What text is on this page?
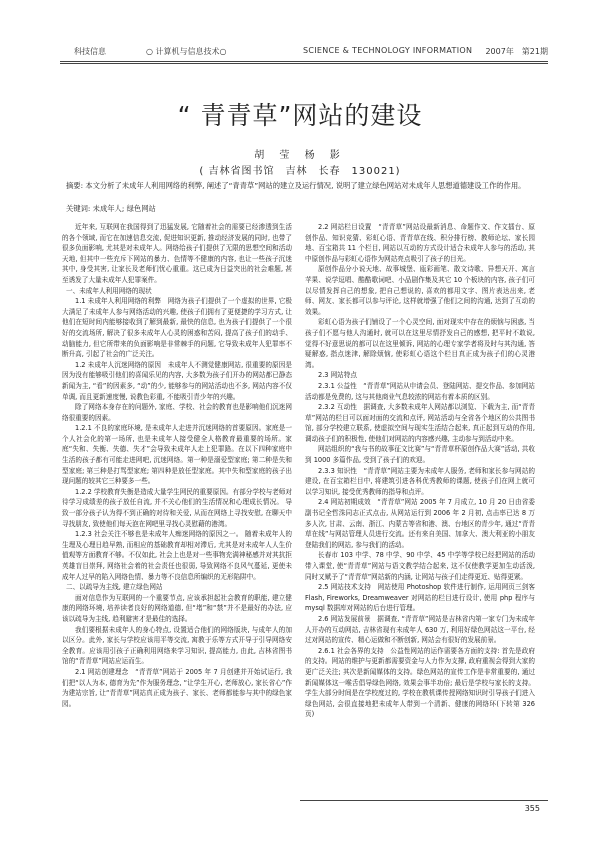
科技信息	○ 计算机与信息技术○	SCIENCE & TECHNOLOGY INFORMATION 2007年　第21期
“ 青青草”网站的建设
胡 莹 杨 影
( 吉林省图书馆　吉林　长春　130021)
摘要: 本文分析了未成年人利用网络的利弊, 阐述了“青青草”网站的建立及运行情况, 说明了建立绿色网站对未成年人思想道德建设工作的作用。
关键词: 未成年人; 绿色网站

近年来, 互联网在我国得到了迅猛发展, 它随着社会的需要已经渗透到生活的各个领域, 而它在加速信息交流, 促进知识更新, 推动经济发展的同时, 也带了很多负面影响, 尤其是对未成年人。网络给孩子们提供了无限的思想空间和活动天地, 但其中一些充斥下网站的暴力、色情等不健康的内容, 也让一些孩子沉迷其中, 身受其害, 让家长及老师们忧心重重。这已成为日益突出的社会难题, 甚至诱发了大量未成年人犯罪案件。

一、未成年人利用网络的现状

1.1 未成年人利用网络的利弊　网络为孩子们提供了一个虚拟的世界, 它极大满足了未成年人参与网络活动的兴趣, 使孩子们拥有了更便捷的学习方式, 让他们在短时间内能够接收到了解到最新, 最快的信息, 也为孩子们提供了一个很好的交流场所, 解决了很多未成年人心灵的困惑和苦闷, 提高了孩子们的动手、动脑能力, 但它所带来的负面影响是非常棘手的问题, 它导致未成年人犯罪率不断升高, 引起了社会的广泛关注。

1.2 未成年人沉迷网络的原因　未成年人不测觉健康网站, 很重要的原因是因为没有能够吸引他们的喜闻乐见的内容, 大多数为孩子们开办的网站都已静态新闻为主, “看”的因素多, “动”的少, 能够参与的网站活动也不多, 网站内容不仅单调, 而且更新速度慢, 说教色彩重, 不能吸引青少年的兴趣。

除了网络本身存在的问题外, 家庭、学校、社会的教育也是影响他们沉迷网络很重要的因素。

1.2.1 不良的家庭环境, 是未成年人走进并沉迷网络的首要原因。家庭是一个人社会化的第一场所, 也是未成年人接受健全人格教育最重要的场所。家庭“失和、失衡、失德、失才”会导致未成年人走上犯罪路。在以下四种家庭中生活的孩子都有可能走进网吧, 沉迷网络。第一种是溺爱型家庭; 第二种是失和型家庭; 第三种是打骂型家庭; 第四种是放任型家庭。其中失和型家庭的孩子出现问题的较其它三种要多一些。

1.2.2 学校教育失衡是造成大量学生网民的重要原因。有部分学校与老师对待学习成绩差的孩子放任自流, 并不关心他们的生活情况和心理成长情况。 导致一部分孩子认为得不到正确的对待和关爱, 从而在网络上寻找安慰, 在聊天中寻找朋友, 致使他们每天泡在网吧里寻找心灵慰藉的港湾。

1.2.3 社会关注不够也是未成年人痴迷网络的原因之一。 随着未成年人的生理及心理日趋早熟, 而相应的基础教育却相对滞后, 尤其是对未成年人人生价值观等方面教育不够。不仅如此, 社会上也是对一些事物充满神秘感并对其抗拒英雄盲目崇拜, 网络社会着的社会责任也很弱, 导致网络不良风气蔓延, 更使未成年人过早的陷入网络色情、暴力等不良信息所编织的无形陷阱中。

二、以疏导为主线, 建立绿色网站

面对信息作为互联网的一个重要节点, 应该承担起社会教育的职能, 建立健康的网络环境, 培养读者良好的网络道德, 但“堵”和“禁”并不是最好的办法, 应该以疏导为主线, 趋利避害才是最佳的选择。

我们要根据未成年人的身心特点, 设置适合他们的网络版块, 与成年人的加以区分。此外, 家长与学校应该用平等交流, 寓教于乐等方式开导于引导网络安全教育。应该用引孩子正确利用网络来学习知识, 提高能力, 由此, 吉林省图书馆的“青青草”网站应运而生。

2.1 网站创建理念　“青青草”网站于 2005 年 7 月创建并开始试运行, 我们把“以人为本, 德育为先”作为服务理念, “让学生开心, 老师放心, 家长省心”作为建站宗旨, 让“青青草”网站真正成为孩子、家长、老师都能参与其中的绿色家园。

2.2 网站栏目设置　“青青草”网站设最新消息、命题作文、作文擂台、原创作品、知识竞猜、彩虹心语、青青草在线、积分排行榜、教师论坛、家长园地、百宝箱共 11 个栏目, 网站以互动的方式设计适合未成年人参与的活动, 其中原创作品与彩虹心语作为网站亮点吸引了孩子的目光。

原创作品分小说天地、故事城堡、瓯彩画笔、散文诗歌、异想天开、寓言苹果、说学逗唱、酷酷歌词吧、小品剧作集及其它 10 个板块的内容, 孩子们可以尽情发挥自己的想象, 把自己想说的, 喜欢的都用文字、图片表达出来, 老师、网友、家长都可以参与评论, 这样就增强了他们之间的沟通, 达到了互动的效果。

彩虹心语为孩子们铺设了一个心灵空间, 面对现实中存在的烦恼与困惑, 当孩子们不愿与他人沟通时, 就可以在这里尽情抒发自己的感想, 把平时不敢说, 觉得不好意思说的都可以在这里倾诉, 网站的心理专家学者将及时与其沟通, 答疑解惑, 指点迷津, 解除烦恼, 使彩虹心语这个栏目真正成为孩子们的心灵港湾。

2.3 网站特点

2.3.1 公益性　“青青草”网站从申请会员、登陆网站、提交作品、参加网站活动都是免费的, 这与其他商业气息较浓的网站有着本质的区别。

2.3.2 互动性　据调查, 大多数未成年人网站都以浏览、下载为主, 而“青青草”网站的栏目可以面对面的交流和点评, 网站活动与全省各个地区的公共图书馆, 部分学校建立联系, 使虚拟空间与现实生活结合起来, 真正起到互动的作用, 调动孩子们的积极性, 使他们对网站的内容感兴趣, 主动参与到活动中来。

网站组织的“我与书的故事征文比赛”与“青青草杯原创作品大赛”活动, 共收到 1000 多篇作品, 受到了孩子们的欢迎。

2.3.3 知识性　“青青草”网站主要为未成年人服务, 老师和家长参与网站的建设, 在百宝箱栏目中, 将建筑引进各科优秀教师的课题, 使孩子们在网上就可以学习知识, 接受优秀教师的指导和点评。

2.4 网站初期成效　“青青草”网站 2005 年 7 月成立, 10 月 20 日由省委副书记全哲洙同志正式点击, 从网站运行到 2006 年 2 月初, 点击率已达 8 万多人次, 甘肃、云南、浙江、内蒙古等省和港、澳、台地区的青少年, 通过“青青草在线”与网站管理人员进行交流。还有来自美国、加拿大、澳大利亚的小朋友登陆我们的网站, 参与我们的活动。

长春市 103 中学、78 中学、90 中学、45 中学等学校已经把网站的活动带入课堂, 使“青青草”网站与语文教学结合起来, 这不仅使教学更加生动活泼, 同时又赋予了“青青草”网站新的内涵, 让网站与孩子们走得更近、贴得更紧。

2.5 网站技术支持　网站使用 Photoshop 软件进行制作, 运用网页三剑客 Flash, Fireworks, Dreamweaver 对网站的栏目进行设计, 使用 php 程序与 mysql 数据库对网站的后台进行管理。

2.6 网站发展前景　据调查, “青青草”网站是吉林省内第一家专门为未成年人开办的互动网站, 吉林省现有未成年人 630 万, 利用好绿色网站这一平台, 经过对网站的宣传、精心运做和不断创新, 网站会有很好的发展前景。

2.6.1 社会各界的支持　公益性网站的运作需要各方面的支持: 首先是政府的支持。网站的维护与更新都需要资金与人力作为支撑, 政府重视会得到大家的更广泛关注; 其次是新闻媒体的支持。绿色网站的宣传工作是非常重要的, 通过新闻媒体这一喉舌倡导绿色网络, 效果会事半功倍; 最后是学校与家长的支持。学生大部分时间是在学校度过的, 学校在教机课传授网络知识时引导孩子们进入绿色网站, 会很直接地把未成年人带到一个清新、健康的网络环(下转第 326 页)

355
